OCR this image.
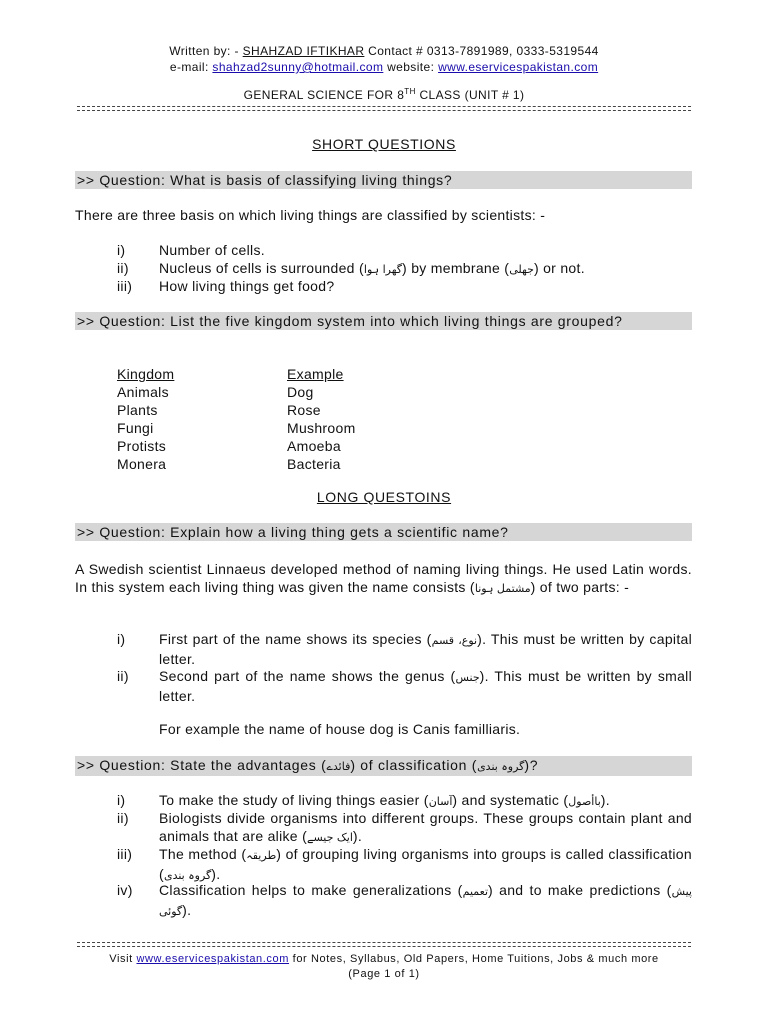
Written by: - SHAHZAD IFTIKHAR Contact # 0313-7891989, 0333-5319544
e-mail: shahzad2sunny@hotmail.com website: www.eservicespakistan.com
GENERAL SCIENCE FOR 8TH CLASS (UNIT # 1)
SHORT QUESTIONS
>> Question: What is basis of classifying living things?
There are three basis on which living things are classified by scientists: -
i)	Number of cells.
ii)	Nucleus of cells is surrounded (گھرا ہوا) by membrane (جھلی) or not.
iii)	How living things get food?
>> Question: List the five kingdom system into which living things are grouped?
Kingdom	Example
Animals	Dog
Plants	Rose
Fungi	Mushroom
Protists	Amoeba
Monera	Bacteria
LONG QUESTOINS
>> Question: Explain how a living thing gets a scientific name?
A Swedish scientist Linnaeus developed method of naming living things. He used Latin words. In this system each living thing was given the name consists (مشتمل ہونا) of two parts: -
i)	First part of the name shows its species (نوع، قسم). This must be written by capital letter.
ii)	Second part of the name shows the genus (جنس). This must be written by small letter.
For example the name of house dog is Canis familliaris.
>> Question: State the advantages (فائدے) of classification (گروہ بندی)?
i)	To make the study of living things easier (آسان) and systematic (باأصول).
ii)	Biologists divide organisms into different groups. These groups contain plant and animals that are alike (ایک جیسے).
iii)	The method (طریقہ) of grouping living organisms into groups is called classification (گروہ بندی).
iv)	Classification helps to make generalizations (تعمیم) and to make predictions (پیش گوئی).
Visit www.eservicespakistan.com for Notes, Syllabus, Old Papers, Home Tuitions, Jobs & much more
(Page 1 of 1)
